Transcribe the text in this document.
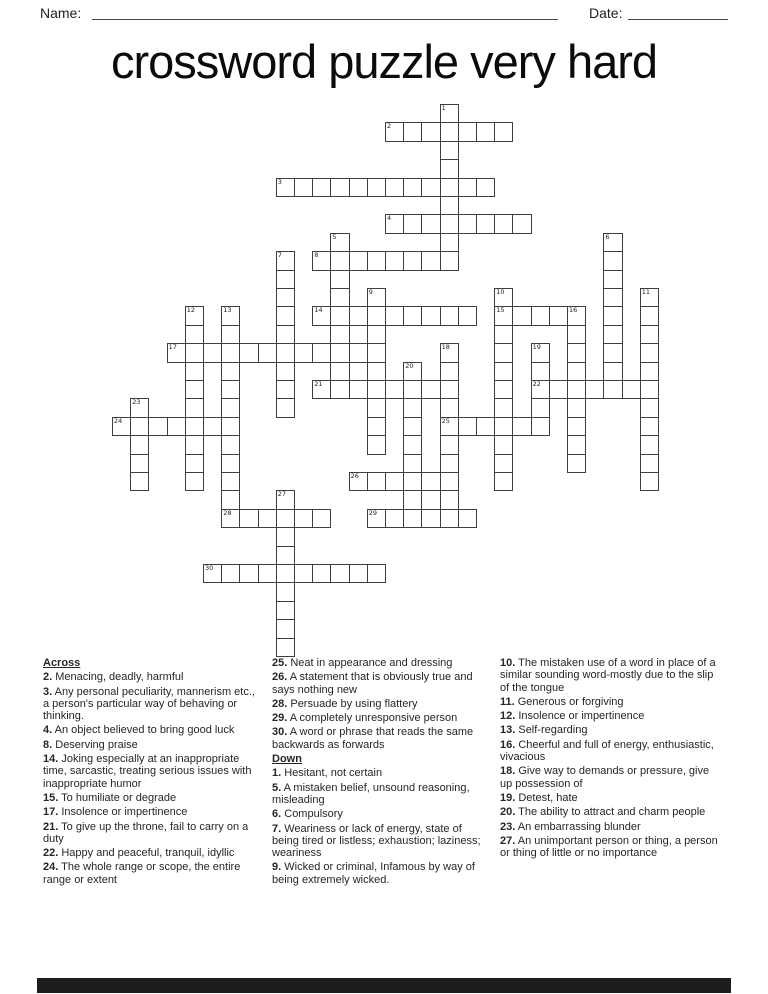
Name:	Date:
crossword puzzle very hard
1
2
3
4
5	6
7	8
9	10
15
11
12	13
28
14	16
17	18
25
19
22
20
21
23
24
26
27
29
30
Across
2. Menacing, deadly, harmful
3. Any personal peculiarity, mannerism etc., a person's particular way of behaving or thinking.
4. An object believed to bring good luck
8. Deserving praise
14. Joking especially at an inappropriate time, sarcastic, treating serious issues with inappropriate humor
15. To humiliate or degrade
17. Insolence or impertinence
21. To give up the throne, fail to carry on a duty
22. Happy and peaceful, tranquil, idyllic
24. The whole range or scope, the entire range or extent
25. Neat in appearance and dressing
26. A statement that is obviously true and says nothing new
28. Persuade by using flattery
29. A completely unresponsive person
30. A word or phrase that reads the same backwards as forwards
Down
1. Hesitant, not certain
5. A mistaken belief, unsound reasoning, misleading
6. Compulsory
7. Weariness or lack of energy, state of being tired or listless; exhaustion; laziness; weariness
9. Wicked or criminal, Infamous by way of being extremely wicked.
10. The mistaken use of a word in place of a similar sounding word-mostly due to the slip of the tongue
11. Generous or forgiving
12. Insolence or impertinence
13. Self-regarding
16. Cheerful and full of energy, enthusiastic, vivacious
18. Give way to demands or pressure, give up possession of
19. Detest, hate
20. The ability to attract and charm people
23. An embarrassing blunder
27. An unimportant person or thing, a person or thing of little or no importance
